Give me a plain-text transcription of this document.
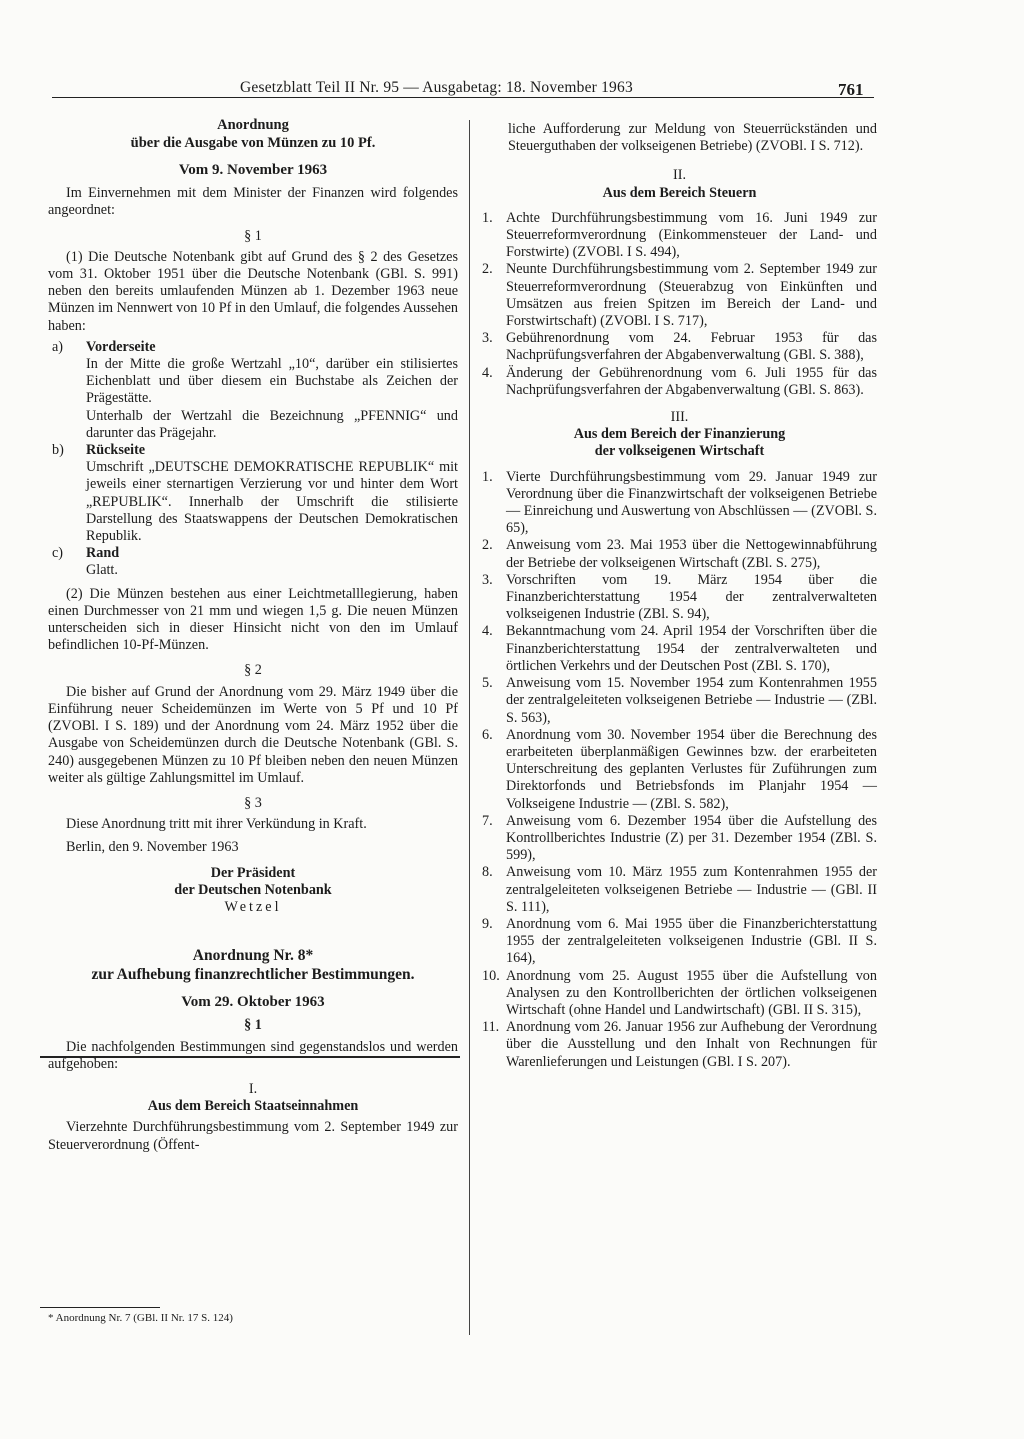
Gesetzblatt Teil II Nr. 95 — Ausgabetag: 18. November 1963	761

Anordnung

über die Ausgabe von Münzen zu 10 Pf.

Vom 9. November 1963

Im Einvernehmen mit dem Minister der Finanzen wird folgendes angeordnet:

§ 1

(1) Die Deutsche Notenbank gibt auf Grund des § 2 des Gesetzes vom 31. Oktober 1951 über die Deutsche Notenbank (GBl. S. 991) neben den bereits umlaufenden Münzen ab 1. Dezember 1963 neue Münzen im Nennwert von 10 Pf in den Umlauf, die folgendes Aussehen haben:

a)	Vorderseite

In der Mitte die große Wertzahl „10“, darüber ein stilisiertes Eichenblatt und über diesem ein Buchstabe als Zeichen der Prägestätte.

Unterhalb der Wertzahl die Bezeichnung „PFENNIG“ und darunter das Prägejahr.

b)	Rückseite

Umschrift „DEUTSCHE DEMOKRATISCHE REPUBLIK“ mit jeweils einer sternartigen Verzierung vor und hinter dem Wort „REPUBLIK“. Innerhalb der Umschrift die stilisierte Darstellung des Staatswappens der Deutschen Demokratischen Republik.

c)	Rand

Glatt.

(2) Die Münzen bestehen aus einer Leichtmetalllegierung, haben einen Durchmesser von 21 mm und wiegen 1,5 g. Die neuen Münzen unterscheiden sich in dieser Hinsicht nicht von den im Umlauf befindlichen 10-Pf-Münzen.

§ 2

Die bisher auf Grund der Anordnung vom 29. März 1949 über die Einführung neuer Scheidemünzen im Werte von 5 Pf und 10 Pf (ZVOBl. I S. 189) und der Anordnung vom 24. März 1952 über die Ausgabe von Scheidemünzen durch die Deutsche Notenbank (GBl. S. 240) ausgegebenen Münzen zu 10 Pf bleiben neben den neuen Münzen weiter als gültige Zahlungsmittel im Umlauf.

§ 3

Diese Anordnung tritt mit ihrer Verkündung in Kraft.

Berlin, den 9. November 1963

Der Präsident

der Deutschen Notenbank

Wetzel

Anordnung Nr. 8*

zur Aufhebung finanzrechtlicher Bestimmungen.

Vom 29. Oktober 1963

§ 1

Die nachfolgenden Bestimmungen sind gegenstandslos und werden aufgehoben:

I.

Aus dem Bereich Staatseinnahmen

Vierzehnte Durchführungsbestimmung vom 2. September 1949 zur Steuerverordnung (Öffent-

* Anordnung Nr. 7 (GBl. II Nr. 17 S. 124)

liche Aufforderung zur Meldung von Steuerrückständen und Steuerguthaben der volkseigenen Betriebe) (ZVOBl. I S. 712).

II.

Aus dem Bereich Steuern

1. Achte Durchführungsbestimmung vom 16. Juni 1949 zur Steuerreformverordnung (Einkommensteuer der Land- und Forstwirte) (ZVOBl. I S. 494),
2. Neunte Durchführungsbestimmung vom 2. September 1949 zur Steuerreformverordnung (Steuerabzug von Einkünften und Umsätzen aus freien Spitzen im Bereich der Land- und Forstwirtschaft) (ZVOBl. I S. 717),
3. Gebührenordnung vom 24. Februar 1953 für das Nachprüfungsverfahren der Abgabenverwaltung (GBl. S. 388),
4. Änderung der Gebührenordnung vom 6. Juli 1955 für das Nachprüfungsverfahren der Abgabenverwaltung (GBl. S. 863).

III.

Aus dem Bereich der Finanzierung

der volkseigenen Wirtschaft

1. Vierte Durchführungsbestimmung vom 29. Januar 1949 zur Verordnung über die Finanzwirtschaft der volkseigenen Betriebe — Einreichung und Auswertung von Abschlüssen — (ZVOBl. S. 65),
2. Anweisung vom 23. Mai 1953 über die Nettogewinnabführung der Betriebe der volkseigenen Wirtschaft (ZBl. S. 275),
3. Vorschriften vom 19. März 1954 über die Finanzberichterstattung 1954 der zentralverwalteten volkseigenen Industrie (ZBl. S. 94),
4. Bekanntmachung vom 24. April 1954 der Vorschriften über die Finanzberichterstattung 1954 der zentralverwalteten und örtlichen Verkehrs und der Deutschen Post (ZBl. S. 170),
5. Anweisung vom 15. November 1954 zum Kontenrahmen 1955 der zentralgeleiteten volkseigenen Betriebe — Industrie — (ZBl. S. 563),
6. Anordnung vom 30. November 1954 über die Berechnung des erarbeiteten überplanmäßigen Gewinnes bzw. der erarbeiteten Unterschreitung des geplanten Verlustes für Zuführungen zum Direktorfonds und Betriebsfonds im Planjahr 1954 — Volkseigene Industrie — (ZBl. S. 582),
7. Anweisung vom 6. Dezember 1954 über die Aufstellung des Kontrollberichtes Industrie (Z) per 31. Dezember 1954 (ZBl. S. 599),
8. Anweisung vom 10. März 1955 zum Kontenrahmen 1955 der zentralgeleiteten volkseigenen Betriebe — Industrie — (GBl. II S. 111),
9. Anordnung vom 6. Mai 1955 über die Finanzberichterstattung 1955 der zentralgeleiteten volkseigenen Industrie (GBl. II S. 164),
10. Anordnung vom 25. August 1955 über die Aufstellung von Analysen zu den Kontrollberichten der örtlichen volkseigenen Wirtschaft (ohne Handel und Landwirtschaft) (GBl. II S. 315),
11. Anordnung vom 26. Januar 1956 zur Aufhebung der Verordnung über die Ausstellung und den Inhalt von Rechnungen für Warenlieferungen und Leistungen (GBl. I S. 207).
